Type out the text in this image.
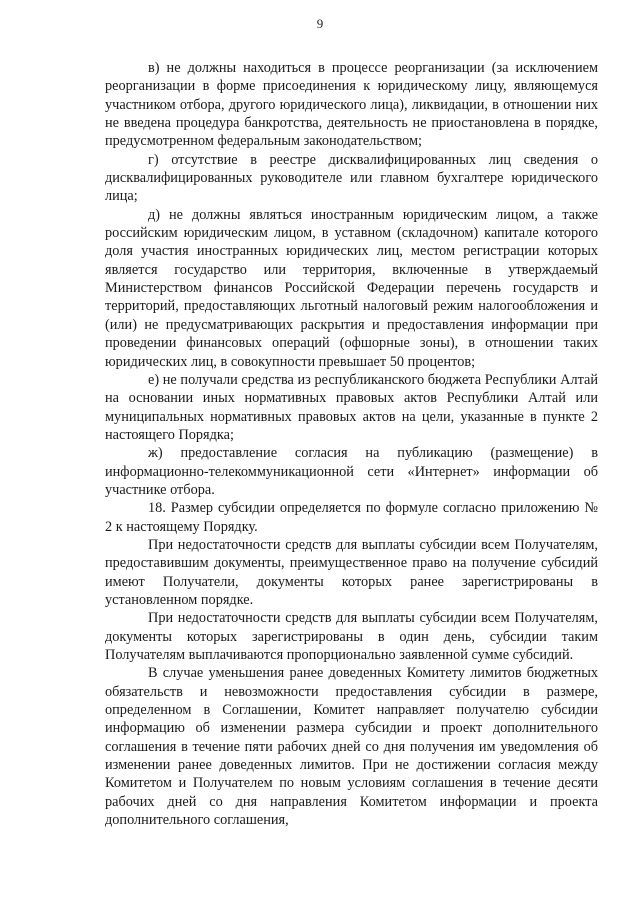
9

в) не должны находиться в процессе реорганизации (за исключением реорганизации в форме присоединения к юридическому лицу, являющемуся участником отбора, другого юридического лица), ликвидации, в отношении них не введена процедура банкротства, деятельность не приостановлена в порядке, предусмотренном федеральным законодательством;

г) отсутствие в реестре дисквалифицированных лиц сведения о дисквалифицированных руководителе или главном бухгалтере юридического лица;

д) не должны являться иностранным юридическим лицом, а также российским юридическим лицом, в уставном (складочном) капитале которого доля участия иностранных юридических лиц, местом регистрации которых является государство или территория, включенные в утверждаемый Министерством финансов Российской Федерации перечень государств и территорий, предоставляющих льготный налоговый режим налогообложения и (или) не предусматривающих раскрытия и предоставления информации при проведении финансовых операций (офшорные зоны), в отношении таких юридических лиц, в совокупности превышает 50 процентов;

е) не получали средства из республиканского бюджета Республики Алтай на основании иных нормативных правовых актов Республики Алтай или муниципальных нормативных правовых актов на цели, указанные в пункте 2 настоящего Порядка;

ж) предоставление согласия на публикацию (размещение) в информационно-телекоммуникационной сети «Интернет» информации об участнике отбора.

18. Размер субсидии определяется по формуле согласно приложению № 2 к настоящему Порядку.

При недостаточности средств для выплаты субсидии всем Получателям, предоставившим документы, преимущественное право на получение субсидий имеют Получатели, документы которых ранее зарегистрированы в установленном порядке.

При недостаточности средств для выплаты субсидии всем Получателям, документы которых зарегистрированы в один день, субсидии таким Получателям выплачиваются пропорционально заявленной сумме субсидий.

В случае уменьшения ранее доведенных Комитету лимитов бюджетных обязательств и невозможности предоставления субсидии в размере, определенном в Соглашении, Комитет направляет получателю субсидии информацию об изменении размера субсидии и проект дополнительного соглашения в течение пяти рабочих дней со дня получения им уведомления об изменении ранее доведенных лимитов. При не достижении согласия между Комитетом и Получателем по новым условиям соглашения в течение десяти рабочих дней со дня направления Комитетом информации и проекта дополнительного соглашения,
